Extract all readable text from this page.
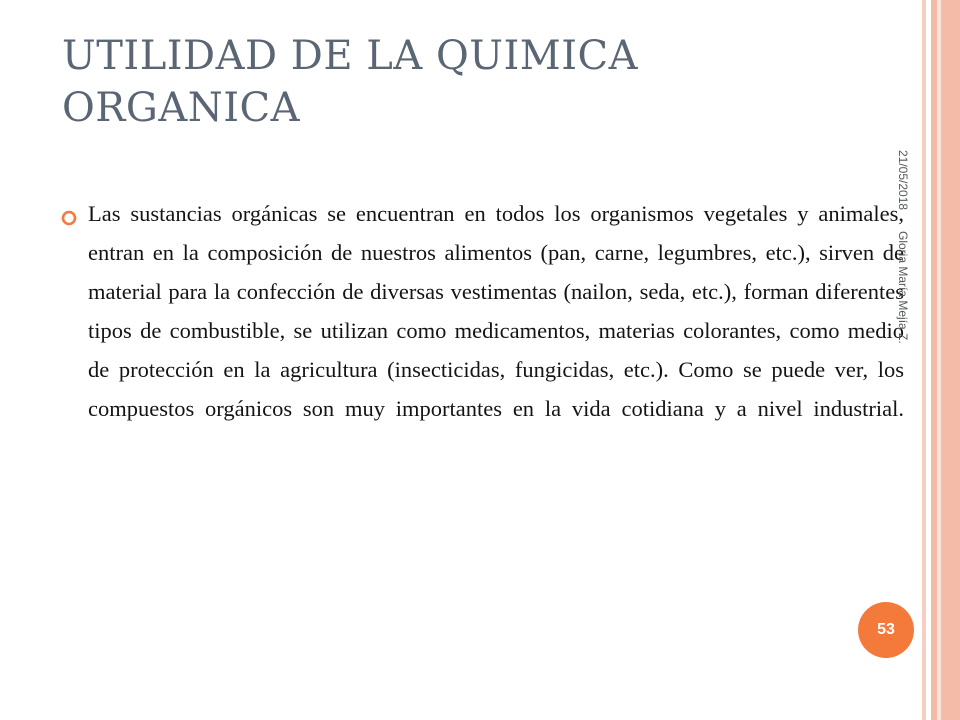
UTILIDAD DE LA QUIMICA ORGANICA

Las sustancias orgánicas se encuentran en todos los organismos vegetales y animales, entran en la composición de nuestros alimentos (pan, carne, legumbres, etc.), sirven de material para la confección de diversas vestimentas (nailon, seda, etc.), forman diferentes tipos de combustible, se utilizan como medicamentos, materias colorantes, como medio de protección en la agricultura (insecticidas, fungicidas, etc.). Como se puede ver, los compuestos orgánicos son muy importantes en la vida cotidiana y a nivel industrial.

21/05/2018  Gloria María Mejía Z.
53
